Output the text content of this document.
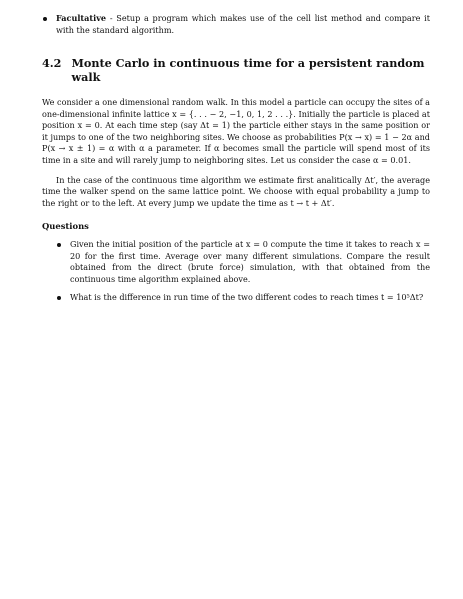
Facultative - Setup a program which makes use of the cell list method and compare it with the standard algorithm.
4.2 Monte Carlo in continuous time for a persistent random walk

We consider a one dimensional random walk. In this model a particle can occupy the sites of a one-dimensional infinite lattice x = {. . . − 2, −1, 0, 1, 2 . . .}. Initially the particle is placed at position x = 0. At each time step (say Δt = 1) the particle either stays in the same position or it jumps to one of the two neighboring sites. We choose as probabilities P(x → x) = 1 − 2α and P(x → x ± 1) = α with α a parameter. If α becomes small the particle will spend most of its time in a site and will rarely jump to neighboring sites. Let us consider the case α = 0.01.

In the case of the continuous time algorithm we estimate first analitically Δt′, the average time the walker spend on the same lattice point. We choose with equal probability a jump to the right or to the left. At every jump we update the time as t → t + Δt′.

Questions
Given the initial position of the particle at x = 0 compute the time it takes to reach x = 20 for the first time. Average over many different simulations. Compare the result obtained from the direct (brute force) simulation, with that obtained from the continuous time algorithm explained above.
What is the difference in run time of the two different codes to reach times t = 10⁵Δt?
